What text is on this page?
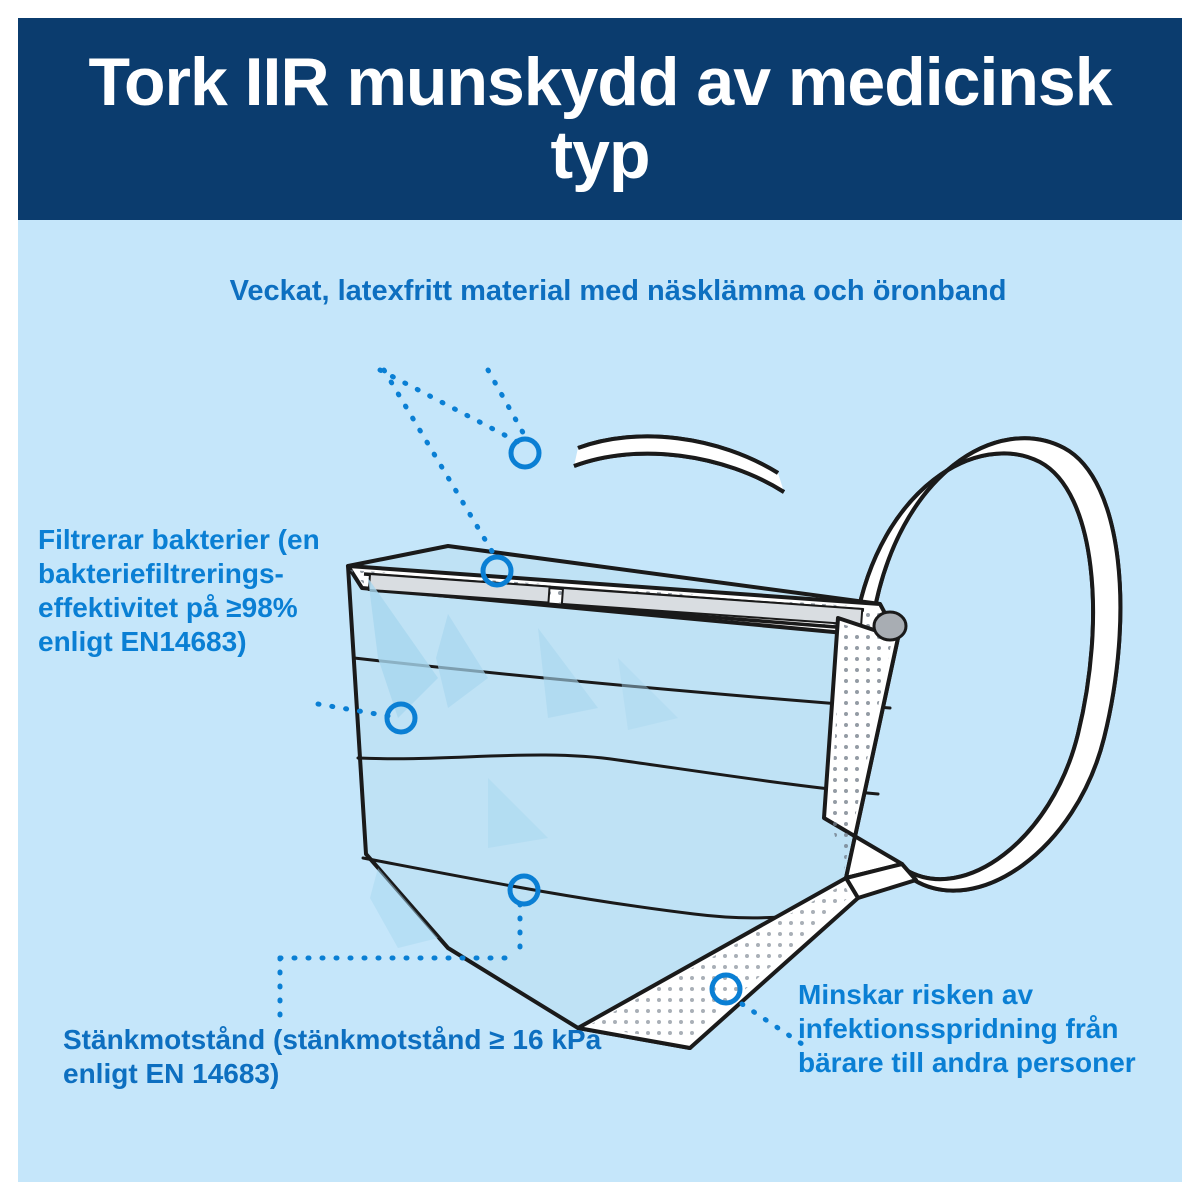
Tork IIR munskydd av medicinsk typ
Veckat, latexfritt material med näsklämma och öronband
Filtrerar bakterier (en bakteriefiltrerings-effektivitet på ≥98% enligt EN14683)
Stänkmotstånd (stänkmotstånd ≥ 16 kPa enligt EN 14683)
Minskar risken av infektionsspridning från bärare till andra personer
